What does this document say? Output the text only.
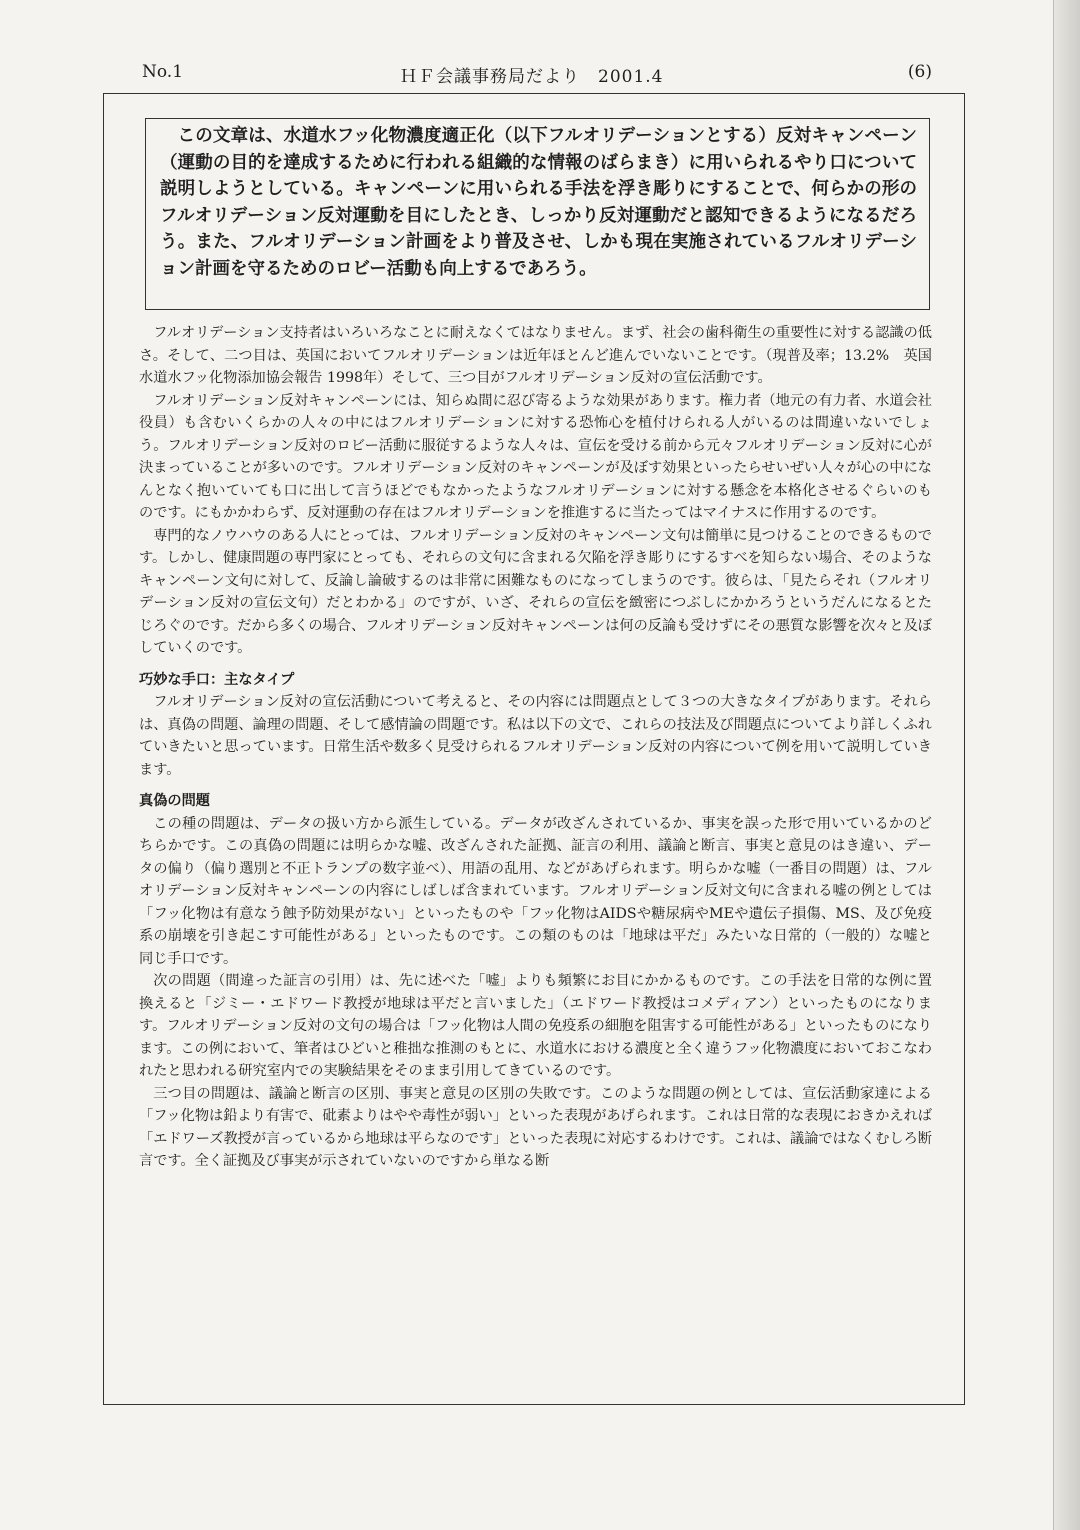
No.1	ＨＦ会議事務局だより　2001.4	(6)
この文章は、水道水フッ化物濃度適正化（以下フルオリデーションとする）反対キャンペーン（運動の目的を達成するために行われる組織的な情報のばらまき）に用いられるやり口について説明しようとしている。キャンペーンに用いられる手法を浮き彫りにすることで、何らかの形のフルオリデーション反対運動を目にしたとき、しっかり反対運動だと認知できるようになるだろう。また、フルオリデーション計画をより普及させ、しかも現在実施されているフルオリデーション計画を守るためのロビー活動も向上するであろう。

フルオリデーション支持者はいろいろなことに耐えなくてはなりません。まず、社会の歯科衛生の重要性に対する認識の低さ。そして、二つ目は、英国においてフルオリデーションは近年ほとんど進んでいないことです。（現普及率；13.2%　英国水道水フッ化物添加協会報告 1998年）そして、三つ目がフルオリデーション反対の宣伝活動です。

フルオリデーション反対キャンペーンには、知らぬ間に忍び寄るような効果があります。権力者（地元の有力者、水道会社役員）も含むいくらかの人々の中にはフルオリデーションに対する恐怖心を植付けられる人がいるのは間違いないでしょう。フルオリデーション反対のロビー活動に服従するような人々は、宣伝を受ける前から元々フルオリデーション反対に心が決まっていることが多いのです。フルオリデーション反対のキャンペーンが及ぼす効果といったらせいぜい人々が心の中になんとなく抱いていても口に出して言うほどでもなかったようなフルオリデーションに対する懸念を本格化させるぐらいのものです。にもかかわらず、反対運動の存在はフルオリデーションを推進するに当たってはマイナスに作用するのです。

専門的なノウハウのある人にとっては、フルオリデーション反対のキャンペーン文句は簡単に見つけることのできるものです。しかし、健康問題の専門家にとっても、それらの文句に含まれる欠陥を浮き彫りにするすべを知らない場合、そのようなキャンペーン文句に対して、反論し論破するのは非常に困難なものになってしまうのです。彼らは、「見たらそれ（フルオリデーション反対の宣伝文句）だとわかる」のですが、いざ、それらの宣伝を緻密につぶしにかかろうというだんになるとたじろぐのです。だから多くの場合、フルオリデーション反対キャンペーンは何の反論も受けずにその悪質な影響を次々と及ぼしていくのです。

巧妙な手口：主なタイプ

フルオリデーション反対の宣伝活動について考えると、その内容には問題点として３つの大きなタイプがあります。それらは、真偽の問題、論理の問題、そして感情論の問題です。私は以下の文で、これらの技法及び問題点についてより詳しくふれていきたいと思っています。日常生活や数多く見受けられるフルオリデーション反対の内容について例を用いて説明していきます。

真偽の問題

この種の問題は、データの扱い方から派生している。データが改ざんされているか、事実を誤った形で用いているかのどちらかです。この真偽の問題には明らかな嘘、改ざんされた証拠、証言の利用、議論と断言、事実と意見のはき違い、データの偏り（偏り選別と不正トランプの数字並べ）、用語の乱用、などがあげられます。明らかな嘘（一番目の問題）は、フルオリデーション反対キャンペーンの内容にしばしば含まれています。フルオリデーション反対文句に含まれる嘘の例としては「フッ化物は有意なう蝕予防効果がない」といったものや「フッ化物はAIDSや糖尿病やMEや遺伝子損傷、MS、及び免疫系の崩壊を引き起こす可能性がある」といったものです。この類のものは「地球は平だ」みたいな日常的（一般的）な嘘と同じ手口です。

次の問題（間違った証言の引用）は、先に述べた「嘘」よりも頻繁にお目にかかるものです。この手法を日常的な例に置換えると「ジミー・エドワード教授が地球は平だと言いました」（エドワード教授はコメディアン）といったものになります。フルオリデーション反対の文句の場合は「フッ化物は人間の免疫系の細胞を阻害する可能性がある」といったものになります。この例において、筆者はひどいと稚拙な推測のもとに、水道水における濃度と全く違うフッ化物濃度においておこなわれたと思われる研究室内での実験結果をそのまま引用してきているのです。

三つ目の問題は、議論と断言の区別、事実と意見の区別の失敗です。このような問題の例としては、宣伝活動家達による「フッ化物は鉛より有害で、砒素よりはやや毒性が弱い」といった表現があげられます。これは日常的な表現におきかえれば「エドワーズ教授が言っているから地球は平らなのです」といった表現に対応するわけです。これは、議論ではなくむしろ断言です。全く証拠及び事実が示されていないのですから単なる断
